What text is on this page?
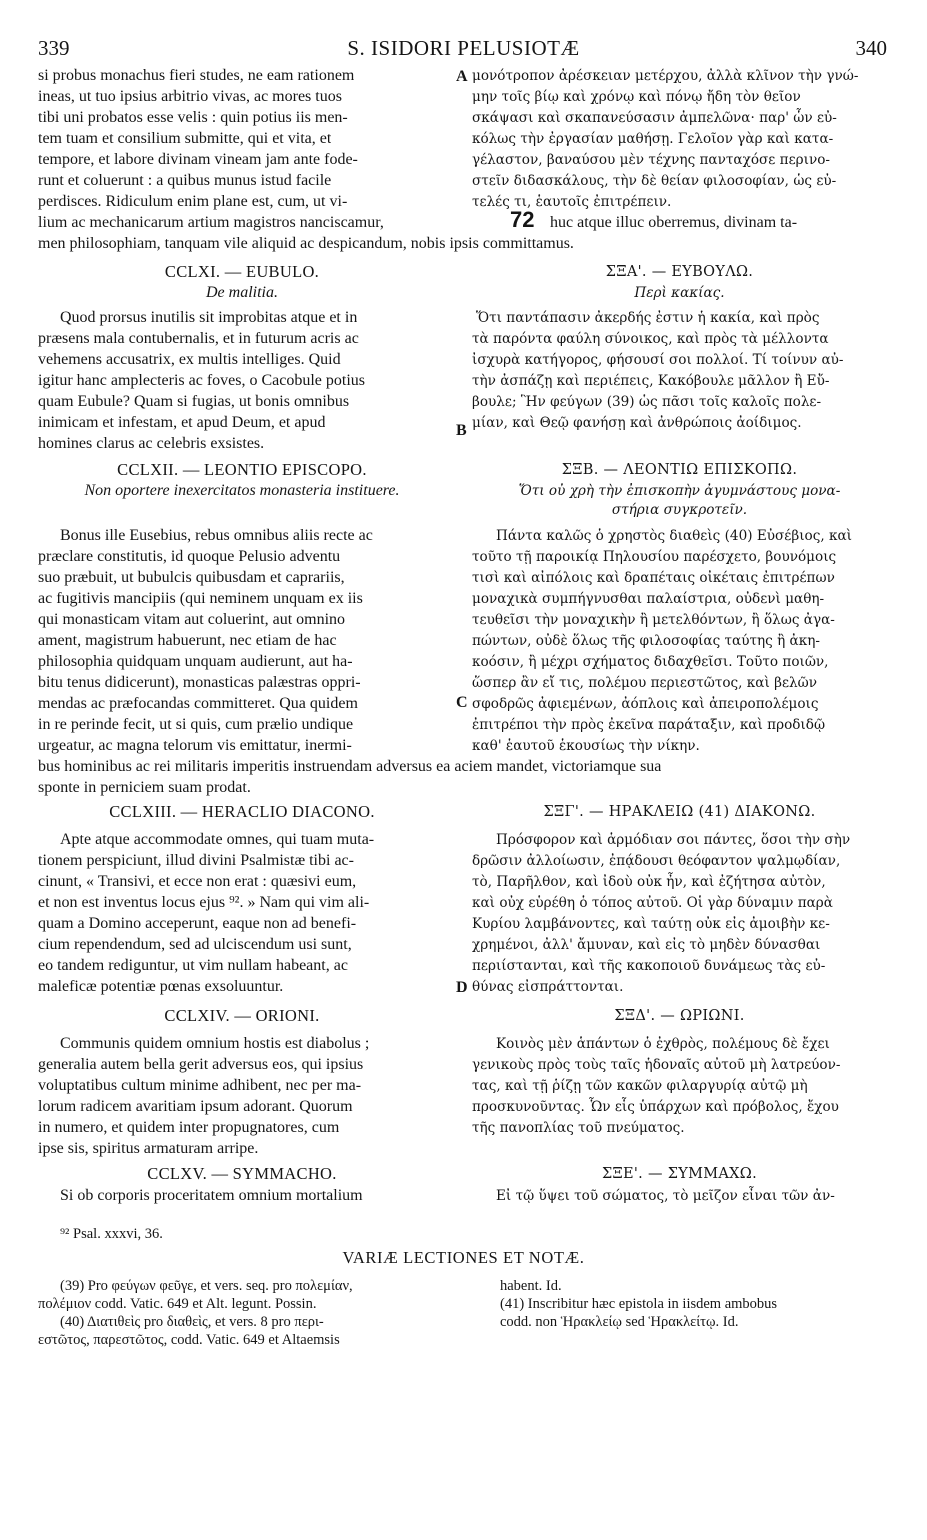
339	S. ISIDORI PELUSIOTÆ	340
si probus monachus fieri studes, ne eam rationem
ineas, ut tuo ipsius arbitrio vivas, ac mores tuos
tibi uni probatos esse velis : quin potius iis men-
tem tuam et consilium submitte, qui et vita, et
tempore, et labore divinam vineam jam ante fode-
runt et coluerunt : a quibus munus istud facile
perdisces. Ridiculum enim plane est, cum, ut vi-
A μονότροπον ἀρέσκειαν μετέρχου, ἀλλὰ κλῖνον τὴν γνώ-
μην τοῖς βίῳ καὶ χρόνῳ καὶ πόνῳ ἤδη τὸν θεῖον
σκάψασι καὶ σκαπανεύσασιν ἀμπελῶνα· παρ' ὧν εὐ-
κόλως τὴν ἐργασίαν μαθήσῃ. Γελοῖον γὰρ καὶ κατα-
γέλαστον, βαναύσου μὲν τέχνης πανταχόσε περινο-
στεῖν διδασκάλους, τὴν δὲ θείαν φιλοσοφίαν, ὡς εὐ-
τελές τι, ἑαυτοῖς ἐπιτρέπειν.
lium ac mechanicarum artium magistros nanciscamur,	72 huc atque illuc oberremus, divinam ta-
men philosophiam, tanquam vile aliquid ac despicandum, nobis ipsis committamus.
CCLXI. — EUBULO.
De malitia.
ΣΞΑ'. — ΕΥΒΟΥΛΩ.
Περὶ κακίας.
Quod prorsus inutilis sit improbitas atque et in
præsens mala contubernalis, et in futurum acris ac
vehemens accusatrix, ex multis intelliges. Quid
igitur hanc amplecteris ac foves, o Cacobule potius
quam Eubule? Quam si fugias, ut bonis omnibus
inimicam et infestam, et apud Deum, et apud
homines clarus ac celebris exsistes.
B
Ὅτι παντάπασιν ἀκερδής ἐστιν ἡ κακία, καὶ πρὸς
τὰ παρόντα φαύλη σύνοικος, καὶ πρὸς τὰ μέλλοντα
ἰσχυρὰ κατήγορος, φήσουσί σοι πολλοί. Τί τοίνυν αὐ-
τὴν ἀσπάζῃ καὶ περιέπεις, Κακόβουλε μᾶλλον ἢ Εὔ-
βουλε; Ἣν φεύγων (39) ὡς πᾶσι τοῖς καλοῖς πολε-
μίαν, καὶ Θεῷ φανήσῃ καὶ ἀνθρώποις ἀοίδιμος.
CCLXII. — LEONTIO EPISCOPO.
Non oportere inexercitatos monasteria instituere.
ΣΞΒ. — ΛΕΟΝΤΙΩ ΕΠΙΣΚΟΠΩ.
Ὅτι οὐ χρὴ τὴν ἐπισκοπὴν ἀγυμνάστους μονα-
στήρια συγκροτεῖν.
Bonus ille Eusebius, rebus omnibus aliis recte ac
præclare constitutis, id quoque Pelusio adventu
suo præbuit, ut bubulcis quibusdam et caprariis,
ac fugitivis mancipiis (qui neminem unquam ex iis
qui monasticam vitam aut coluerint, aut omnino
ament, magistrum habuerunt, nec etiam de hac
philosophia quidquam unquam audierunt, aut ha-
bitu tenus didicerunt), monasticas palæstras oppri-
mendas ac præfocandas committeret. Qua quidem
in re perinde fecit, ut si quis, cum prælio undique
urgeatur, ac magna telorum vis emittatur, inermi-
C
Πάντα καλῶς ὁ χρηστὸς διαθεὶς (40) Εὐσέβιος, καὶ
τοῦτο τῇ παροικίᾳ Πηλουσίου παρέσχετο, βουνόμοις
τισὶ καὶ αἰπόλοις καὶ δραπέταις οἰκέταις ἐπιτρέπων
μοναχικὰ συμπήγνυσθαι παλαίστρια, οὐδενὶ μαθη-
τευθεῖσι τὴν μοναχικὴν ἢ μετελθόντων, ἢ ὅλως ἀγα-
πώντων, οὐδὲ ὅλως τῆς φιλοσοφίας ταύτης ἢ ἀκη-
κοόσιν, ἢ μέχρι σχήματος διδαχθεῖσι. Τοῦτο ποιῶν,
ὥσπερ ἂν εἴ τις, πολέμου περιεστῶτος, καὶ βελῶν
σφοδρῶς ἀφιεμένων, ἀόπλοις καὶ ἀπειροπολέμοις
ἐπιτρέποι τὴν πρὸς ἐκεῖνα παράταξιν, καὶ προδιδῷ
καθ' ἑαυτοῦ ἑκουσίως τὴν νίκην.
bus hominibus ac rei militaris imperitis instruendam adversus ea aciem mandet, victoriamque sua
sponte in perniciem suam prodat.
CCLXIII. — HERACLIO DIACONO.	ΣΞΓ'. — ΗΡΑΚΛΕΙΩ (41) ΔΙΑΚΟΝΩ.
Apte atque accommodate omnes, qui tuam muta-
tionem perspiciunt, illud divini Psalmistæ tibi ac-
cinunt, « Transivi, et ecce non erat : quæsivi eum,
et non est inventus locus ejus ⁹². » Nam qui vim ali-
quam a Domino acceperunt, eaque non ad benefi-
cium rependendum, sed ad ulciscendum usi sunt,
eo tandem rediguntur, ut vim nullam habeant, ac
maleficæ potentiæ pœnas exsoluuntur.	D
Πρόσφορον καὶ ἁρμόδιαν σοι πάντες, ὅσοι τὴν σὴν
δρῶσιν ἀλλοίωσιν, ἐπᾴδουσι θεόφαντον ψαλμῳδίαν,
τὸ, Παρῆλθον, καὶ ἰδοὺ οὐκ ἦν, καὶ ἐζήτησα αὐτὸν,
καὶ οὐχ εὑρέθη ὁ τόπος αὐτοῦ. Οἱ γὰρ δύναμιν παρὰ
Κυρίου λαμβάνοντες, καὶ ταύτῃ οὐκ εἰς ἀμοιβὴν κε-
χρημένοι, ἀλλ' ἄμυναν, καὶ εἰς τὸ μηδὲν δύνασθαι
περιίστανται, καὶ τῆς κακοποιοῦ δυνάμεως τὰς εὐ-
θύνας εἰσπράττονται.
CCLXIV. — ORIONI.	ΣΞΔ'. — ΩΡΙΩΝΙ.
Communis quidem omnium hostis est diabolus ;
generalia autem bella gerit adversus eos, qui ipsius
voluptatibus cultum minime adhibent, nec per ma-
lorum radicem avaritiam ipsum adorant. Quorum
in numero, et quidem inter propugnatores, cum
ipse sis, spiritus armaturam arripe.
Κοινὸς μὲν ἁπάντων ὁ ἐχθρὸς, πολέμους δὲ ἔχει
γενικοὺς πρὸς τοὺς ταῖς ἡδοναῖς αὐτοῦ μὴ λατρεύον-
τας, καὶ τῇ ῥίζῃ τῶν κακῶν φιλαργυρίᾳ αὐτῷ μὴ
προσκυνοῦντας. Ὧν εἷς ὑπάρχων καὶ πρόβολος, ἔχου
τῆς πανοπλίας τοῦ πνεύματος.
CCLXV. — SYMMACHO.	ΣΞΕ'. — ΣΥΜΜΑΧΩ.
Si ob corporis proceritatem omnium mortalium	Εἰ τῷ ὕψει τοῦ σώματος, τὸ μεῖζον εἶναι τῶν ἀν-
⁹² Psal. xxxvi, 36.
VARIÆ LECTIONES ET NOTÆ.
(39) Pro φεύγων φεῦγε, et vers. seq. pro πολεμίαν,
πολέμιον codd. Vatic. 649 et Alt. legunt. Possin.
(40) Διατιθεὶς pro διαθεὶς, et vers. 8 pro περι-
εστῶτος, παρεστῶτος, codd. Vatic. 649 et Altaemsis
habent. Id.
(41) Inscribitur hæc epistola in iisdem ambobus
codd. non Ἡρακλείῳ sed Ἡρακλείτῳ. Id.
